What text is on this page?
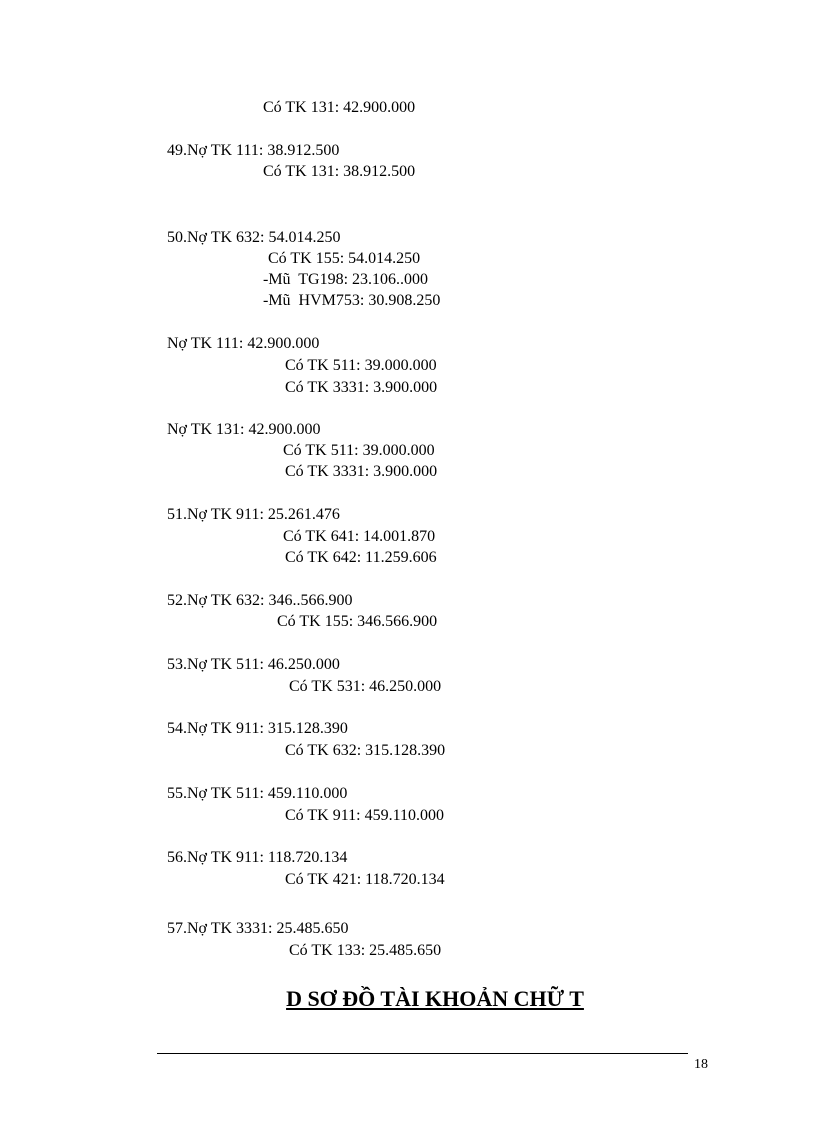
Có TK 131: 42.900.000
49.Nợ TK 111: 38.912.500
Có TK 131: 38.912.500
50.Nợ TK 632: 54.014.250
Có TK 155: 54.014.250
-Mũ  TG198: 23.106..000
-Mũ  HVM753: 30.908.250
Nợ TK 111: 42.900.000
Có TK 511: 39.000.000
Có TK 3331: 3.900.000
Nợ TK 131: 42.900.000
Có TK 511: 39.000.000
Có TK 3331: 3.900.000
51.Nợ TK 911: 25.261.476
Có TK 641: 14.001.870
Có TK 642: 11.259.606
52.Nợ TK 632: 346..566.900
Có TK 155: 346.566.900
53.Nợ TK 511: 46.250.000
Có TK 531: 46.250.000
54.Nợ TK 911: 315.128.390
Có TK 632: 315.128.390
55.Nợ TK 511: 459.110.000
Có TK 911: 459.110.000
56.Nợ TK 911: 118.720.134
Có TK 421: 118.720.134
57.Nợ TK 3331: 25.485.650
Có TK 133: 25.485.650
D SƠ ĐỒ TÀI KHOẢN CHỮ T
18
